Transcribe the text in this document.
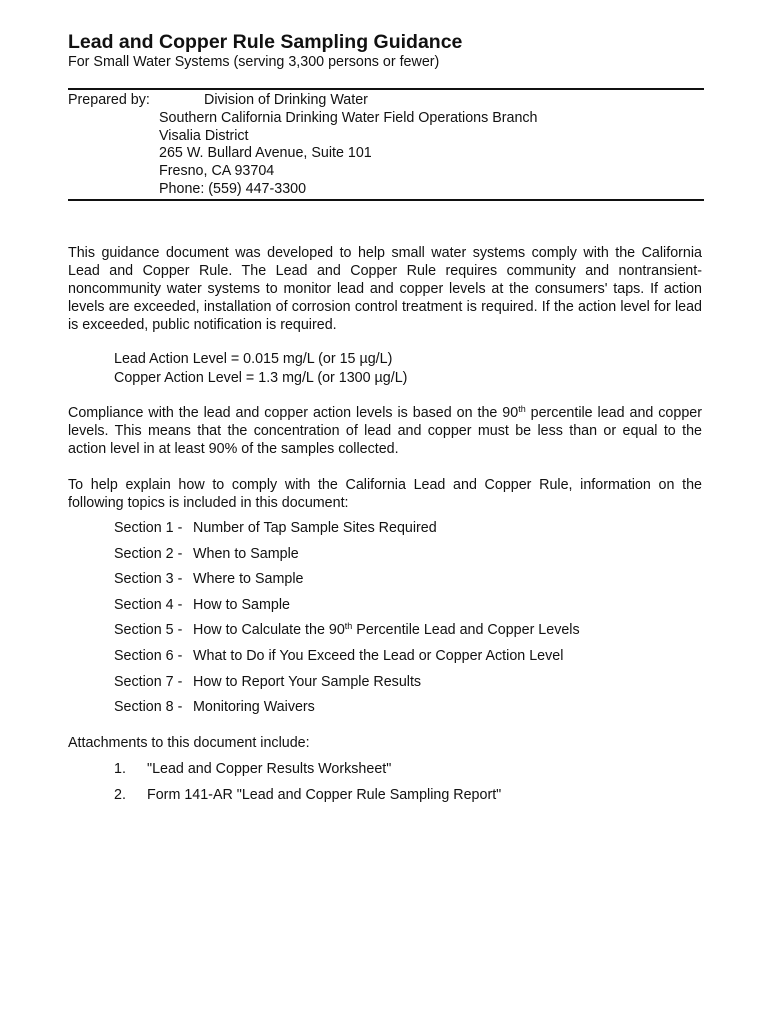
Lead and Copper Rule Sampling Guidance
For Small Water Systems (serving 3,300 persons or fewer)
Prepared by:	Division of Drinking Water
Southern California Drinking Water Field Operations Branch
Visalia District
265 W. Bullard Avenue, Suite 101
Fresno, CA 93704
Phone: (559) 447-3300

This guidance document was developed to help small water systems comply with the California Lead and Copper Rule. The Lead and Copper Rule requires community and nontransient-noncommunity water systems to monitor lead and copper levels at the consumers' taps. If action levels are exceeded, installation of corrosion control treatment is required. If the action level for lead is exceeded, public notification is required.

Lead Action Level = 0.015 mg/L (or 15 µg/L)
Copper Action Level = 1.3 mg/L (or 1300 µg/L)

Compliance with the lead and copper action levels is based on the 90th percentile lead and copper levels. This means that the concentration of lead and copper must be less than or equal to the action level in at least 90% of the samples collected.

To help explain how to comply with the California Lead and Copper Rule, information on the following topics is included in this document:

Section 1 - Number of Tap Sample Sites Required
Section 2 - When to Sample
Section 3 - Where to Sample
Section 4 - How to Sample
Section 5 - How to Calculate the 90th Percentile Lead and Copper Levels
Section 6 - What to Do if You Exceed the Lead or Copper Action Level
Section 7 - How to Report Your Sample Results
Section 8 - Monitoring Waivers
Attachments to this document include:
1. "Lead and Copper Results Worksheet"
2. Form 141-AR "Lead and Copper Rule Sampling Report"
